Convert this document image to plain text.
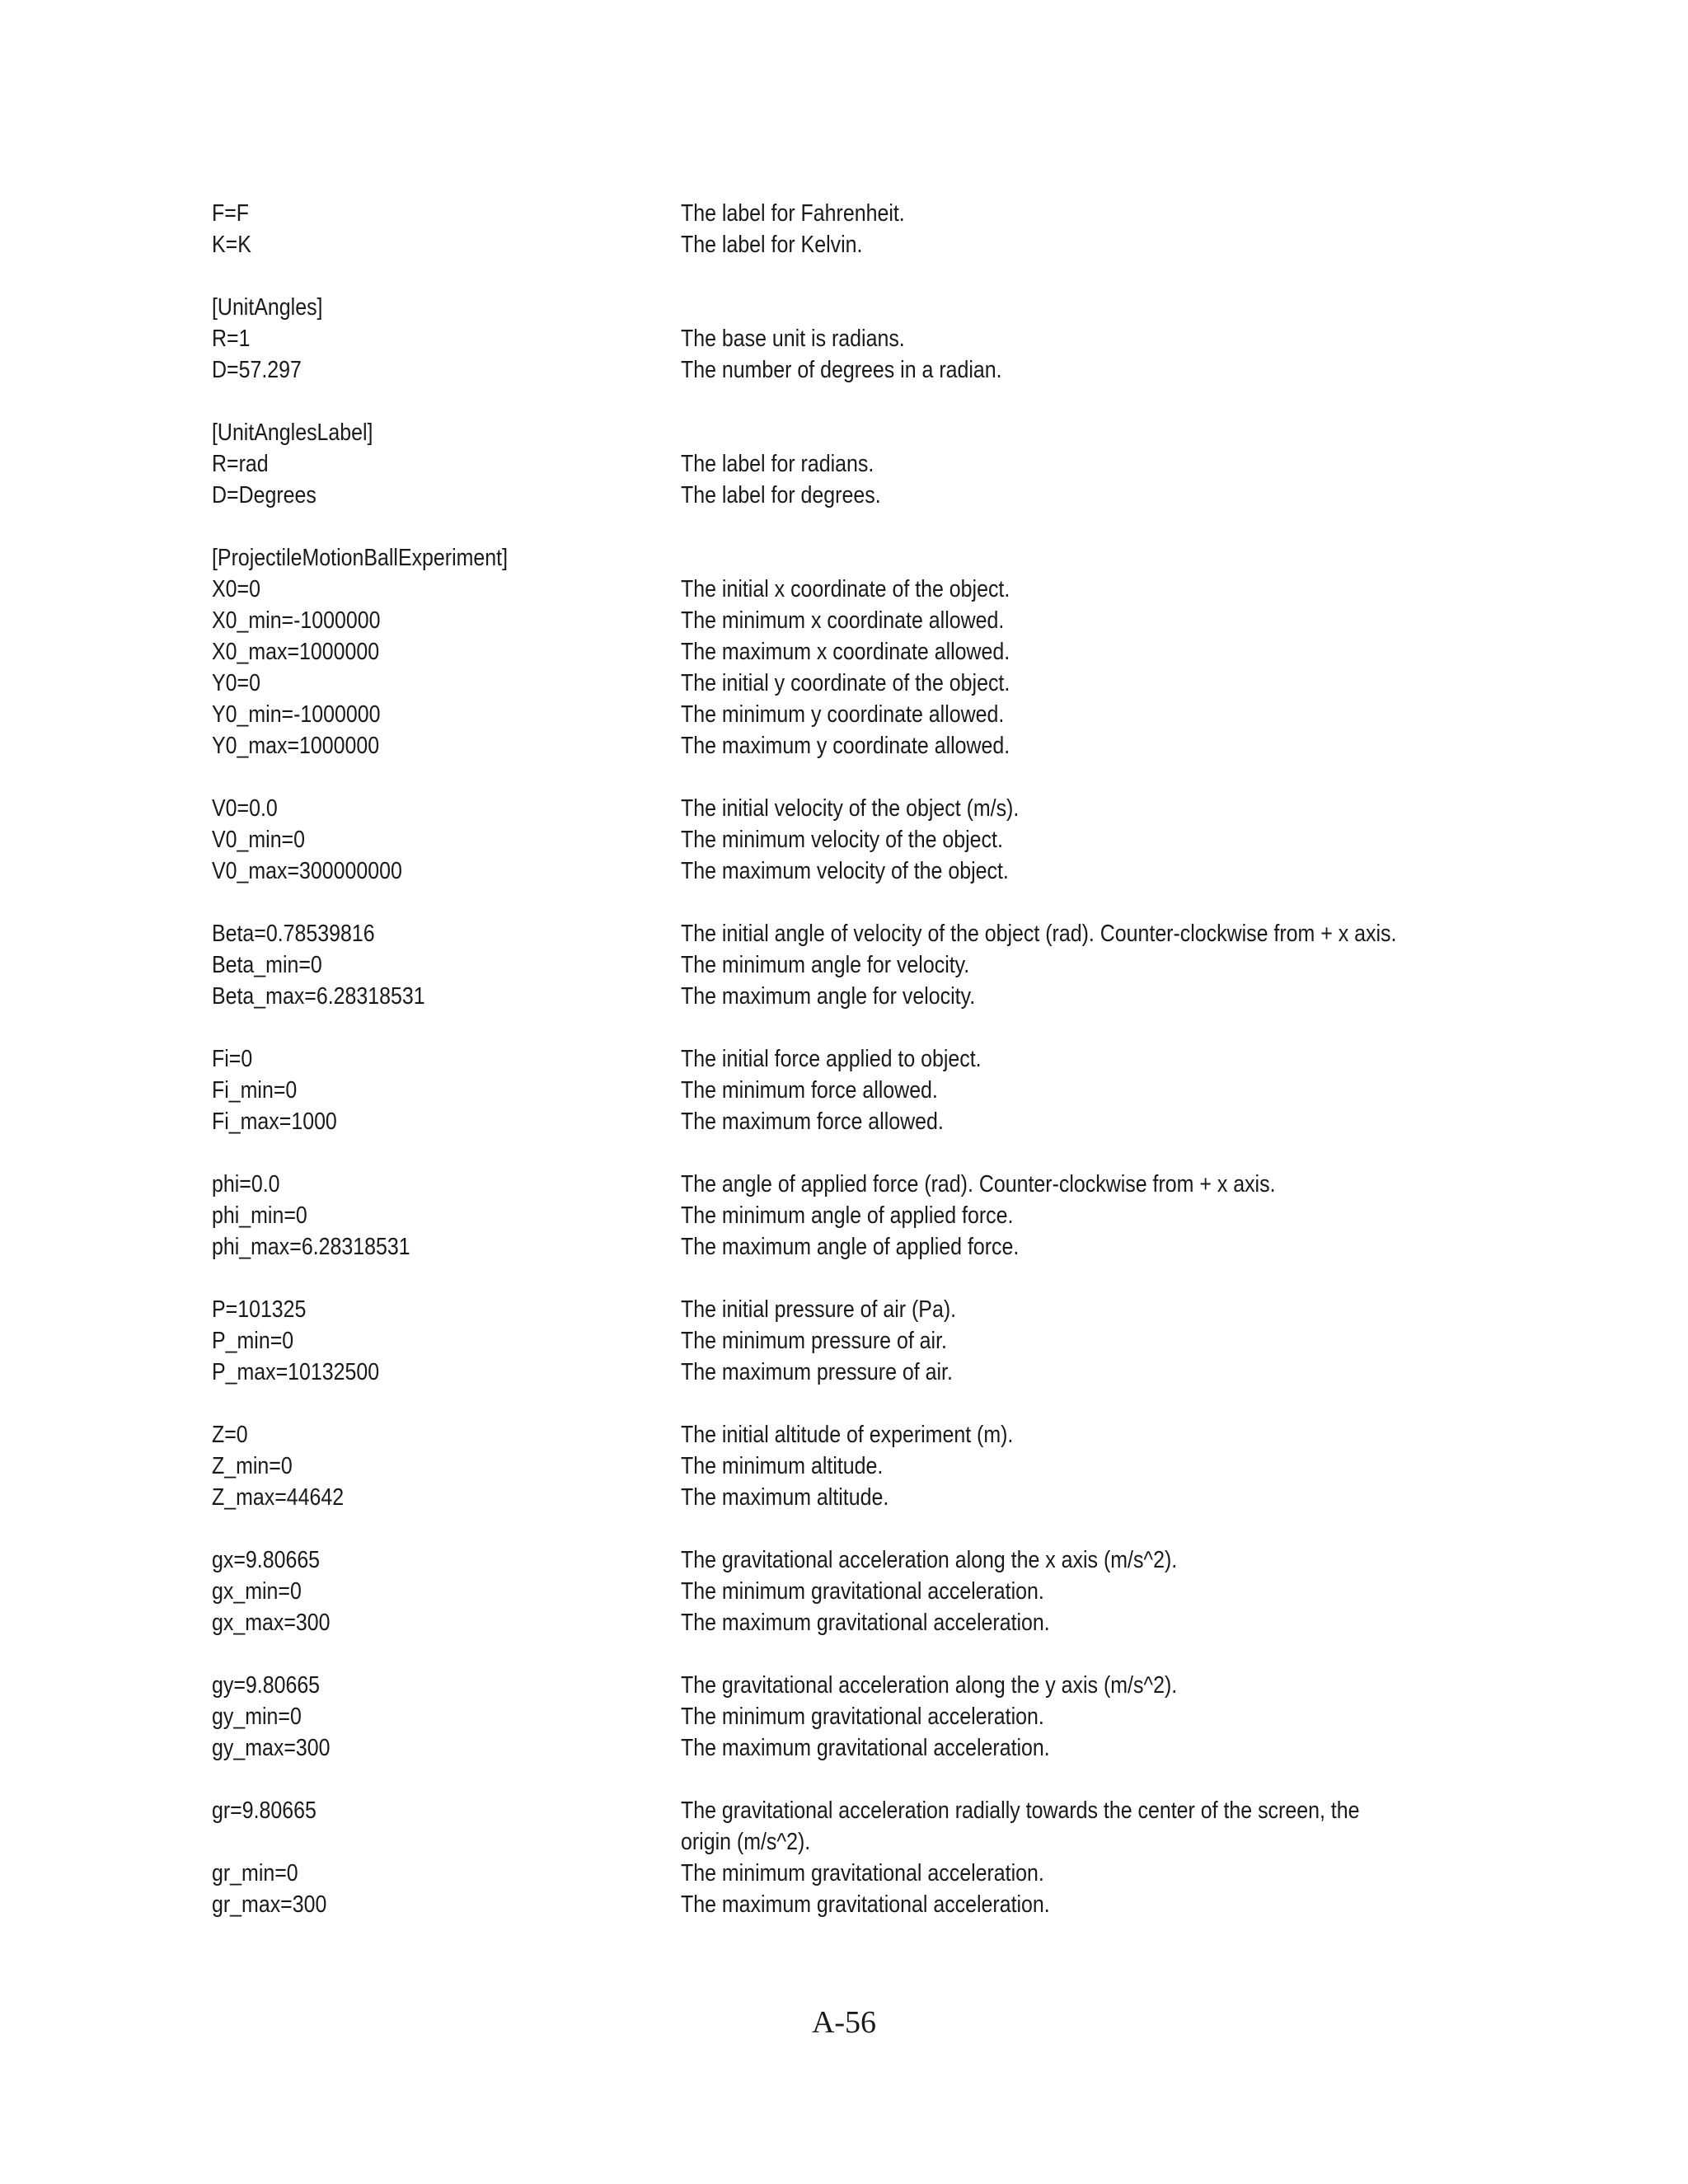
F=F	The label for Fahrenheit.
K=K	The label for Kelvin.
[UnitAngles]
R=1	The base unit is radians.
D=57.297	The number of degrees in a radian.
[UnitAnglesLabel]
R=rad	The label for radians.
D=Degrees	The label for degrees.
[ProjectileMotionBallExperiment]
X0=0	The initial x coordinate of the object.
X0_min=-1000000	The minimum x coordinate allowed.
X0_max=1000000	The maximum x coordinate allowed.
Y0=0	The initial y coordinate of the object.
Y0_min=-1000000	The minimum y coordinate allowed.
Y0_max=1000000	The maximum y coordinate allowed.
V0=0.0	The initial velocity of the object (m/s).
V0_min=0	The minimum velocity of the object.
V0_max=300000000	The maximum velocity of the object.
Beta=0.78539816	The initial angle of velocity of the object (rad). Counter-clockwise from + x axis.
Beta_min=0	The minimum angle for velocity.
Beta_max=6.28318531	The maximum angle for velocity.
Fi=0	The initial force applied to object.
Fi_min=0	The minimum force allowed.
Fi_max=1000	The maximum force allowed.
phi=0.0	The angle of applied force (rad). Counter-clockwise from + x axis.
phi_min=0	The minimum angle of applied force.
phi_max=6.28318531	The maximum angle of applied force.
P=101325	The initial pressure of air (Pa).
P_min=0	The minimum pressure of air.
P_max=10132500	The maximum pressure of air.
Z=0	The initial altitude of experiment (m).
Z_min=0	The minimum altitude.
Z_max=44642	The maximum altitude.
gx=9.80665	The gravitational acceleration along the x axis (m/s^2).
gx_min=0	The minimum gravitational acceleration.
gx_max=300	The maximum gravitational acceleration.
gy=9.80665	The gravitational acceleration along the y axis (m/s^2).
gy_min=0	The minimum gravitational acceleration.
gy_max=300	The maximum gravitational acceleration.
gr=9.80665	The gravitational acceleration radially towards the center of the screen, the
origin (m/s^2).
gr_min=0	The minimum gravitational acceleration.
gr_max=300	The maximum gravitational acceleration.
A-56
